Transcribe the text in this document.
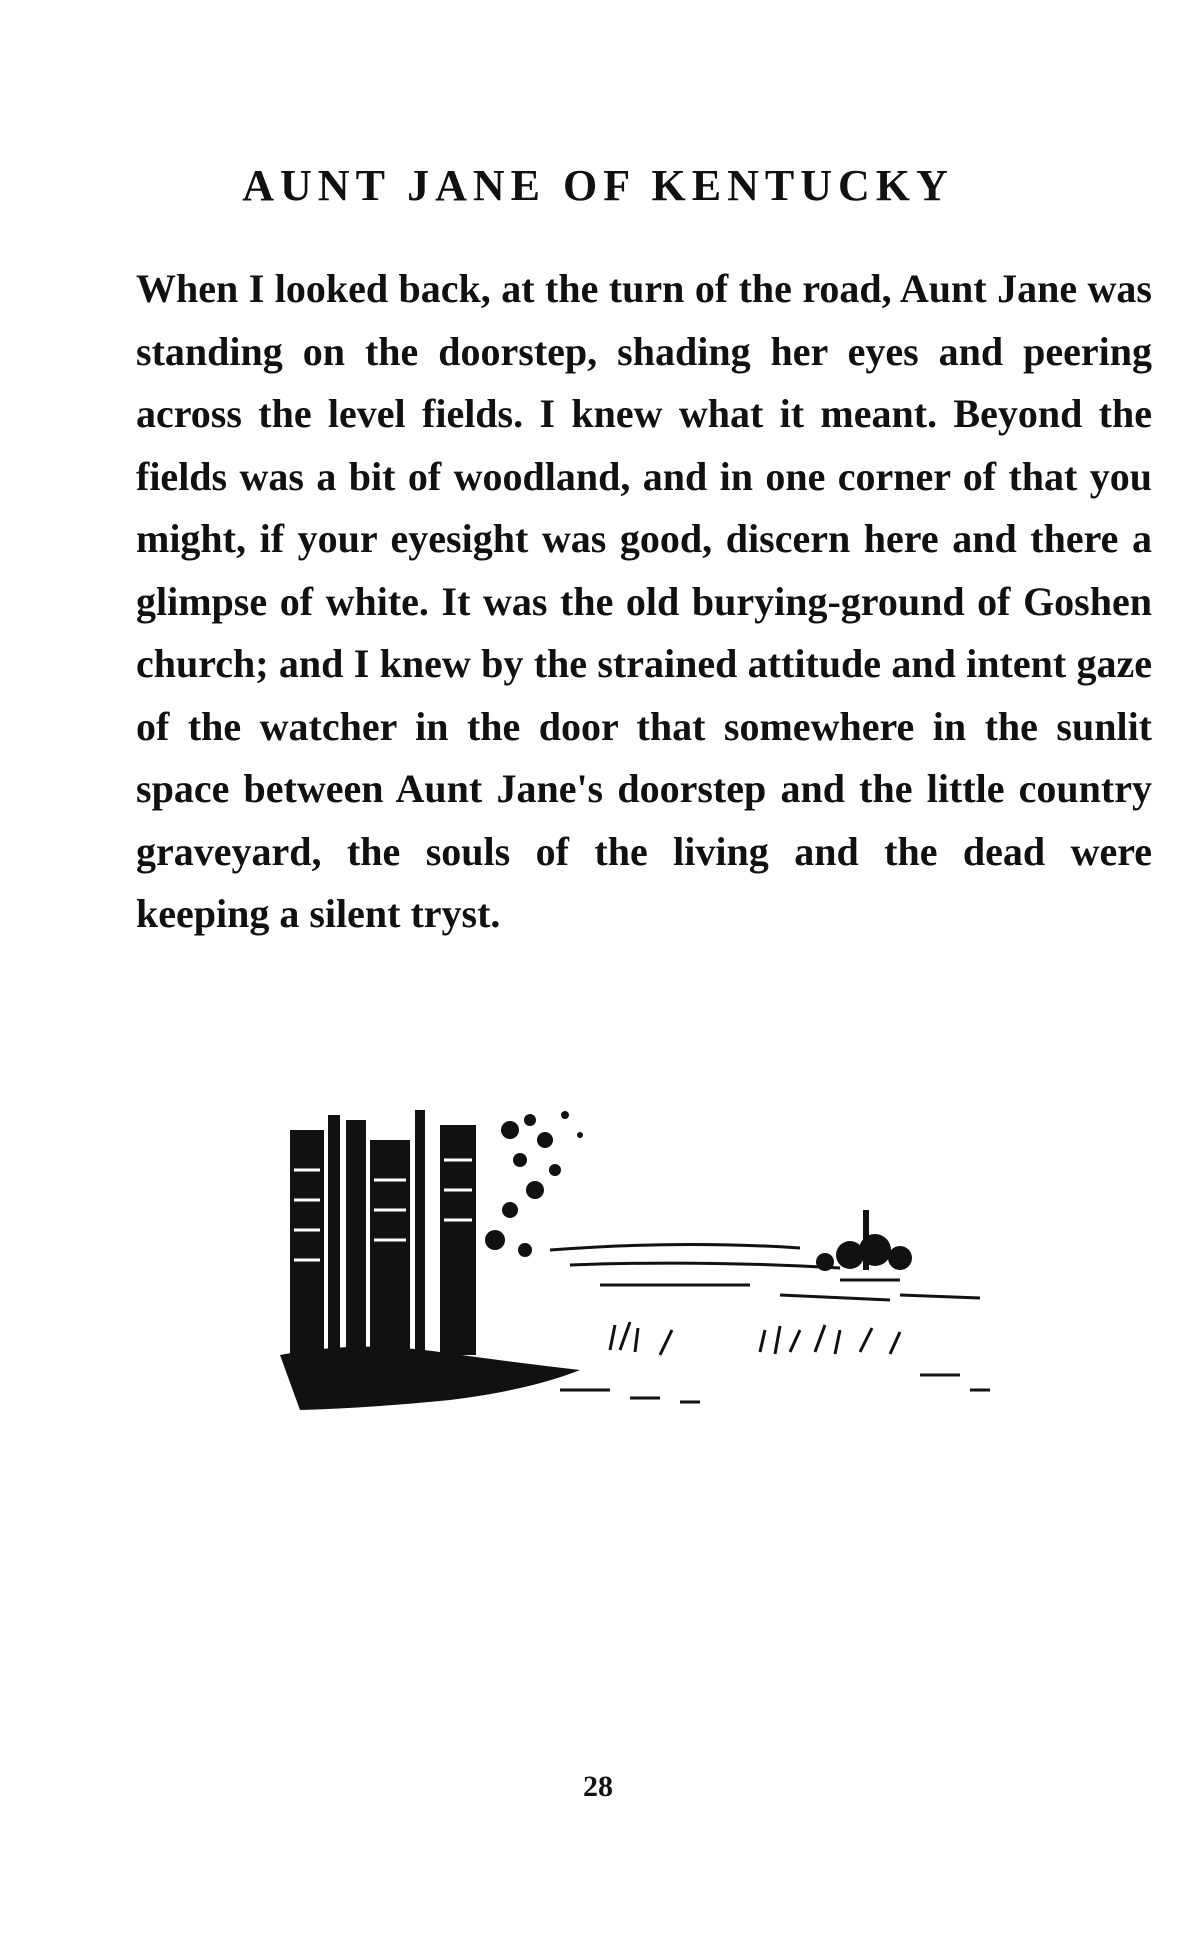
AUNT JANE OF KENTUCKY

When I looked back, at the turn of the road, Aunt Jane was standing on the doorstep, shading her eyes and peering across the level fields. I knew what it meant. Beyond the fields was a bit of woodland, and in one corner of that you might, if your eyesight was good, discern here and there a glimpse of white. It was the old burying-ground of Goshen church; and I knew by the strained attitude and intent gaze of the watcher in the door that somewhere in the sunlit space between Aunt Jane's doorstep and the little country graveyard, the souls of the living and the dead were keeping a silent tryst.

28
